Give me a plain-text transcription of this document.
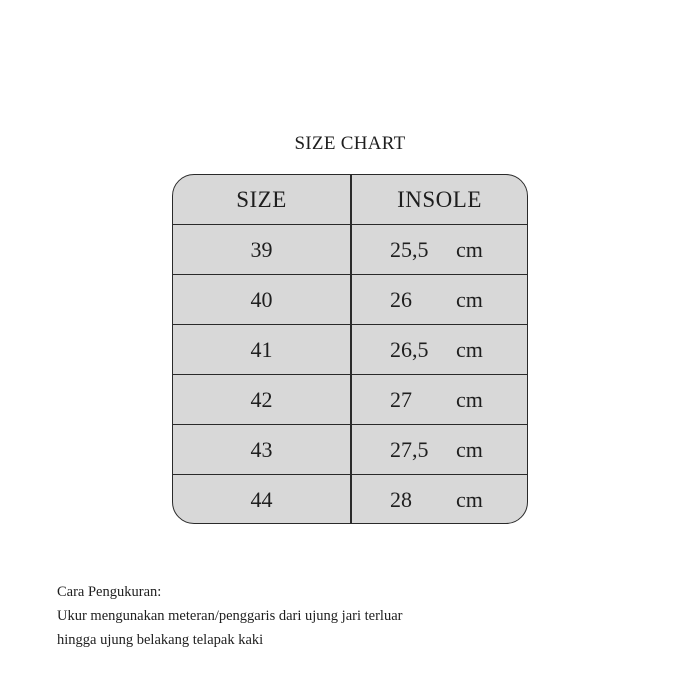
SIZE CHART
SIZE	INSOLE
39	25,5 cm
40	26 cm
41	26,5 cm
42	27 cm
43	27,5 cm
44	28 cm
Cara Pengukuran:
Ukur mengunakan meteran/penggaris dari ujung jari terluar
hingga ujung belakang telapak kaki
